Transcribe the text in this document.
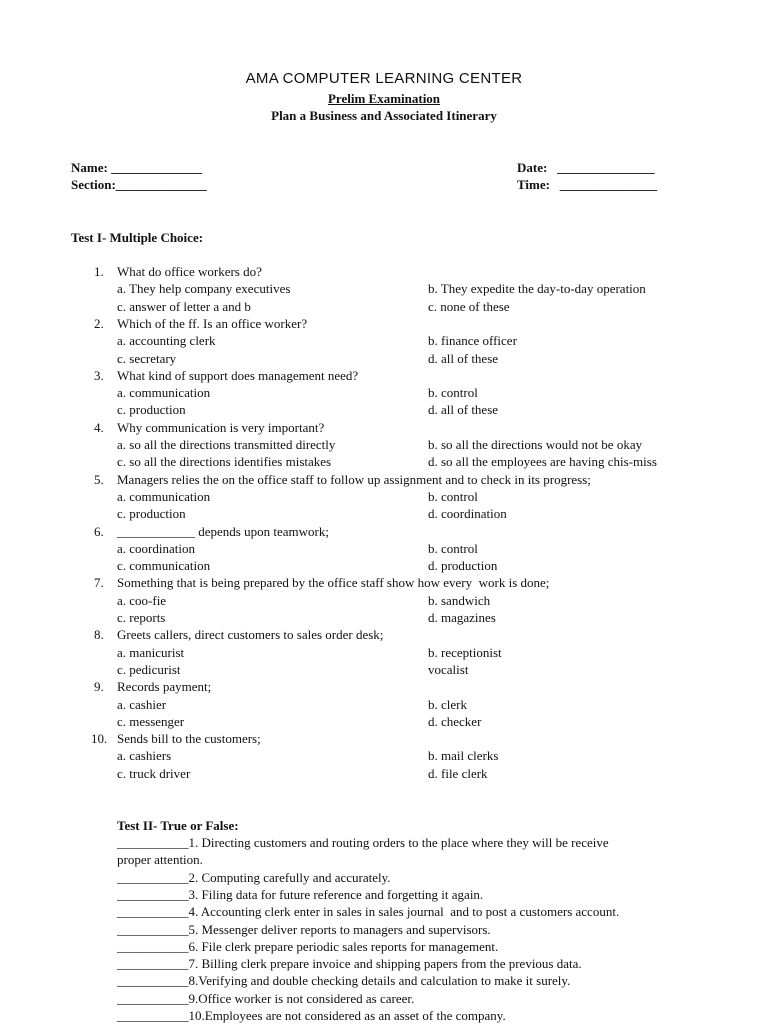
AMA COMPUTER LEARNING CENTER
Prelim Examination
Plan a Business and Associated Itinerary
Name: ______________
Section:______________
Date:   _______________
Time:   _______________
Test I- Multiple Choice:
1.	What do office workers do?
a. They help company executives	b. They expedite the day-to-day operation
c. answer of letter a and b	c. none of these
2.	Which of the ff. Is an office worker?
a. accounting clerk	b. finance officer
c. secretary	d. all of these
3.	What kind of support does management need?
a. communication	b. control
c. production	d. all of these
4.	Why communication is very important?
a. so all the directions transmitted directly	b. so all the directions would not be okay
c. so all the directions identifies mistakes	d. so all the employees are having chis-miss
5.	Managers relies the on the office staff to follow up assignment and to check in its progress;
a. communication	b. control
c. production	d. coordination
6.	____________ depends upon teamwork;
a. coordination	b. control
c. communication	d. production
7.	Something that is being prepared by the office staff show how every  work is done;
a. coo-fie	b. sandwich
c. reports	d. magazines
8.	Greets callers, direct customers to sales order desk;
a. manicurist	b. receptionist
c. pedicurist	vocalist
9.	Records payment;
a. cashier	b. clerk
c. messenger	d. checker
10. Sends bill to the customers;
a. cashiers	b. mail clerks
c. truck driver	d. file clerk
Test II- True or False:
___________1. Directing customers and routing orders to the place where they will be receive
proper attention.
___________2. Computing carefully and accurately.
___________3. Filing data for future reference and forgetting it again.
___________4. Accounting clerk enter in sales in sales journal  and to post a customers account.
___________5. Messenger deliver reports to managers and supervisors.
___________6. File clerk prepare periodic sales reports for management.
___________7. Billing clerk prepare invoice and shipping papers from the previous data.
___________8.Verifying and double checking details and calculation to make it surely.
___________9.Office worker is not considered as career.
___________10.Employees are not considered as an asset of the company.
